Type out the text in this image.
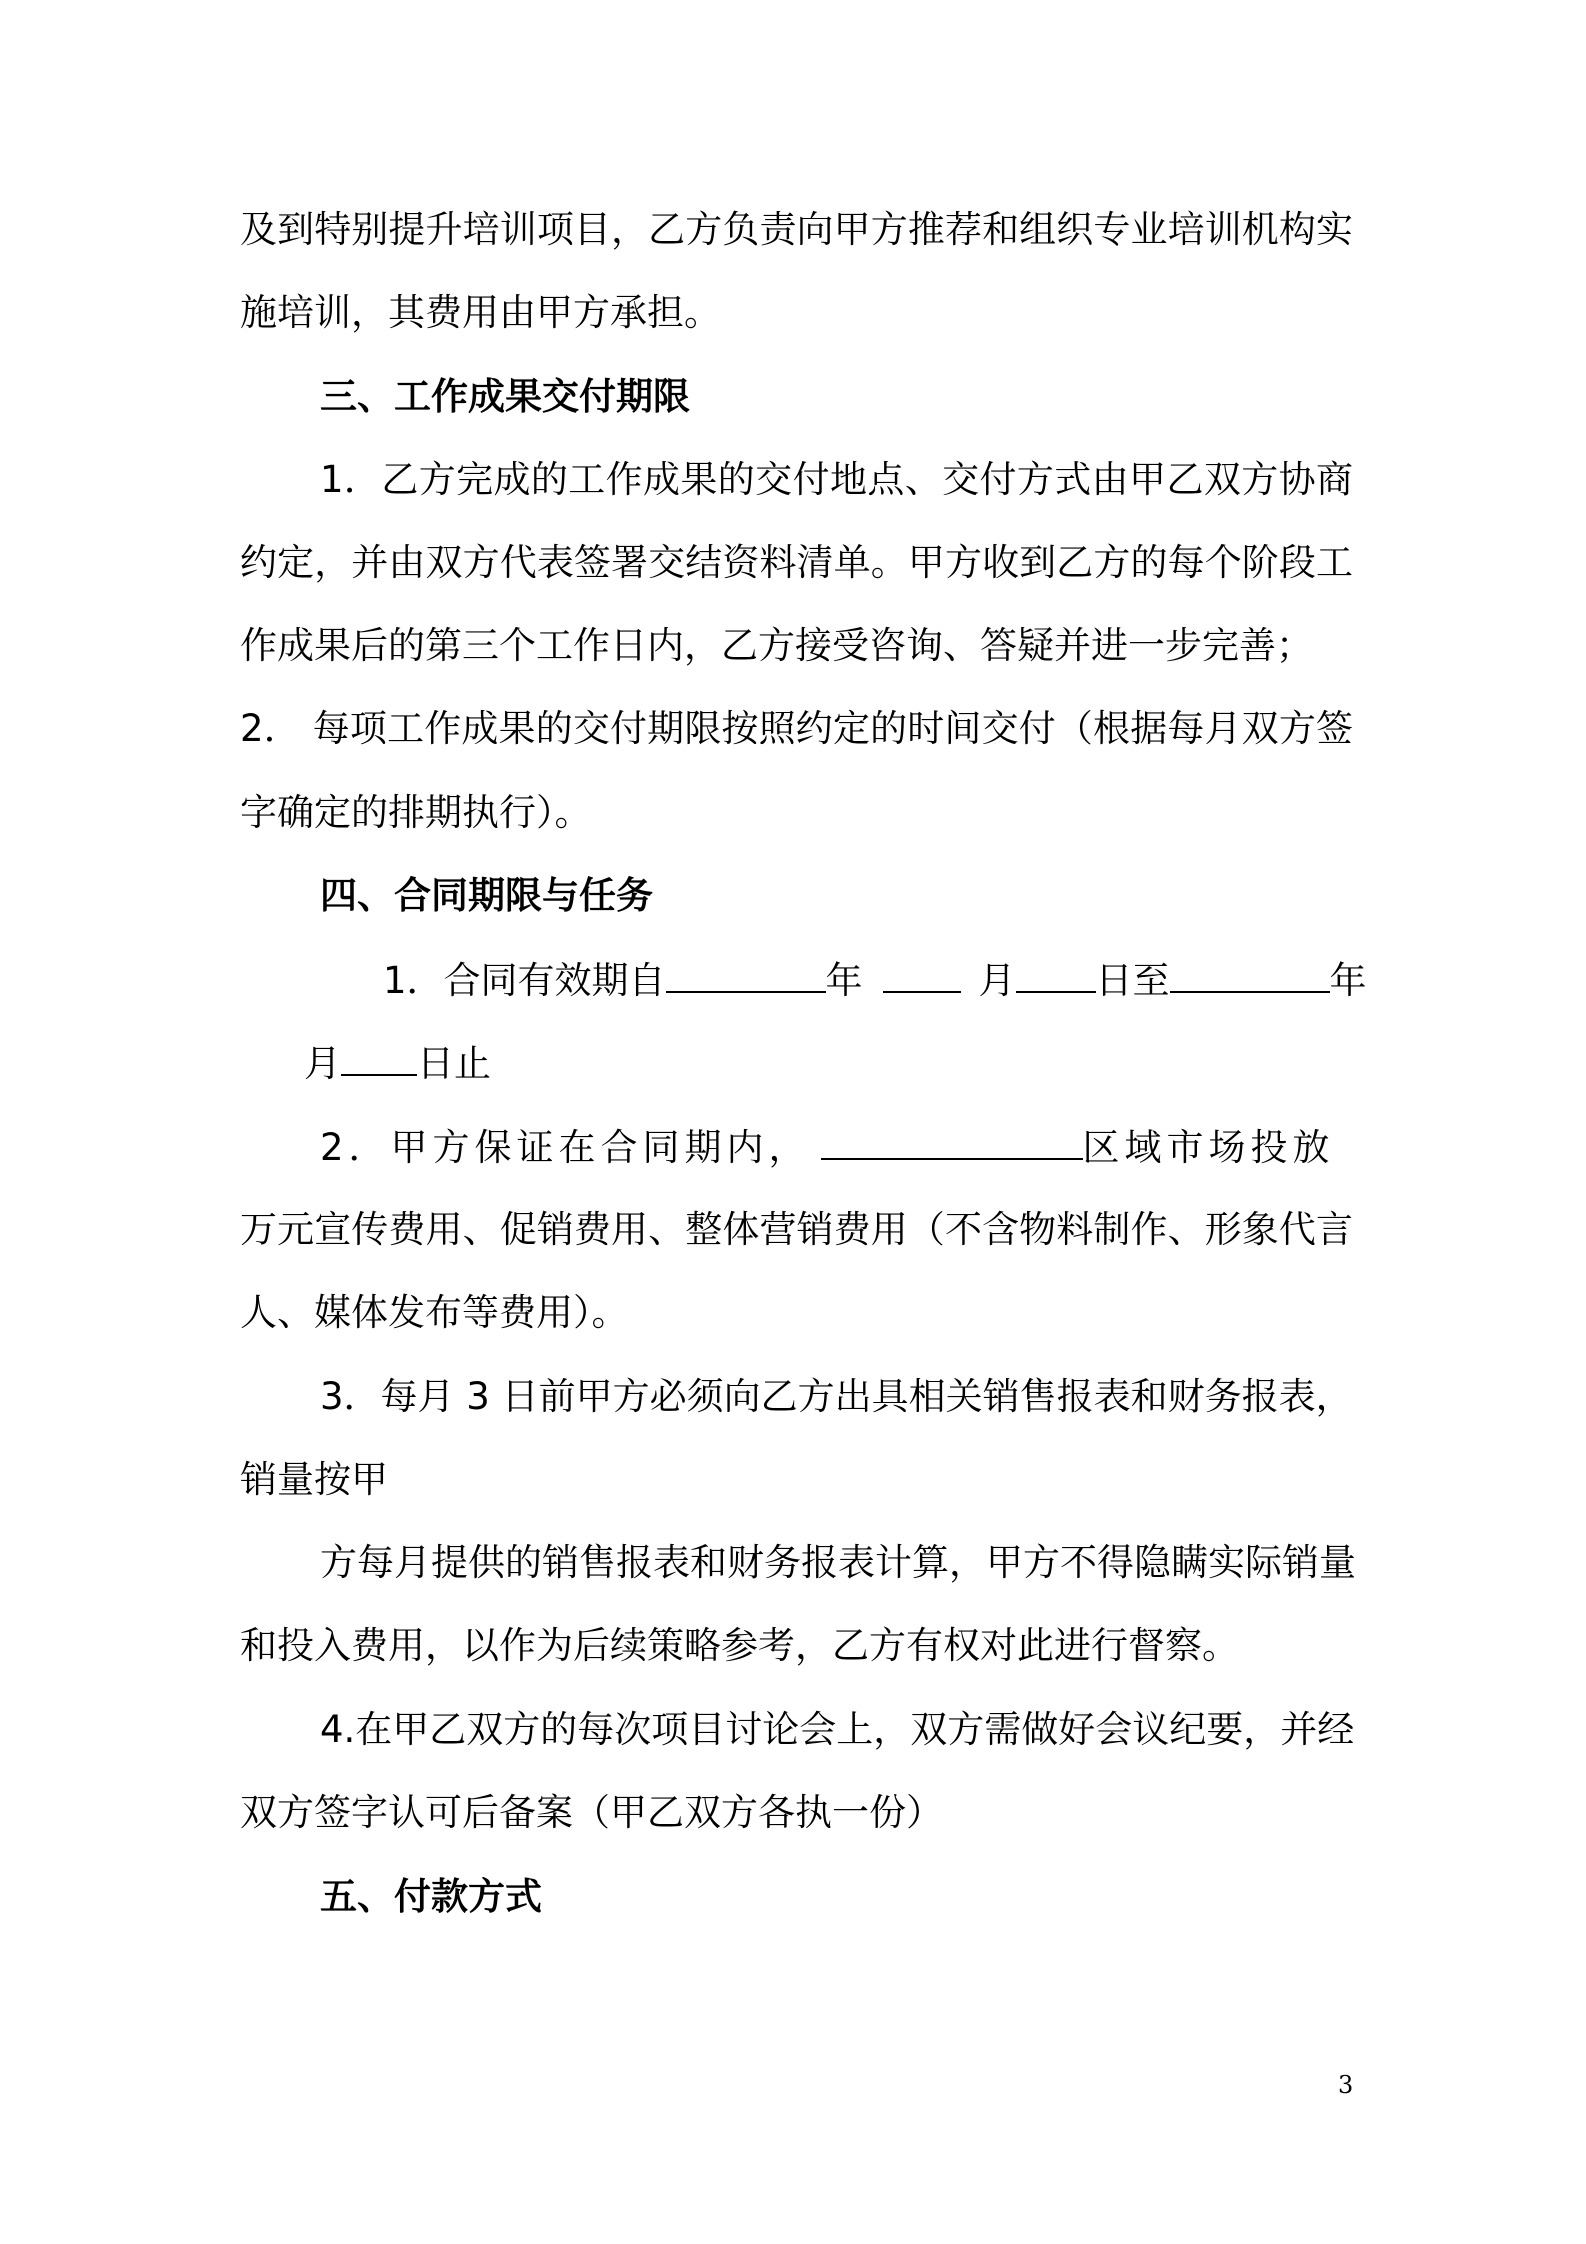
及到特别提升培训项目，乙方负责向甲方推荐和组织专业培训机构实
施培训，其费用由甲方承担。
三、工作成果交付期限
1．乙方完成的工作成果的交付地点、交付方式由甲乙双方协商
约定，并由双方代表签署交结资料清单。甲方收到乙方的每个阶段工
作成果后的第三个工作日内，乙方接受咨询、答疑并进一步完善；
2． 每项工作成果的交付期限按照约定的时间交付（根据每月双方签
字确定的排期执行）。
四、合同期限与任务
1．合同有效期自	年	月 日至	年
月 日止
2．甲方保证在合同期内，	区域市场投放
万元宣传费用、促销费用、整体营销费用（不含物料制作、形象代言
人、媒体发布等费用）。
3．每月 3 日前甲方必须向乙方出具相关销售报表和财务报表，
销量按甲
方每月提供的销售报表和财务报表计算，甲方不得隐瞒实际销量
和投入费用，以作为后续策略参考，乙方有权对此进行督察。
4.在甲乙双方的每次项目讨论会上，双方需做好会议纪要，并经
双方签字认可后备案（甲乙双方各执一份）
五、付款方式
3
